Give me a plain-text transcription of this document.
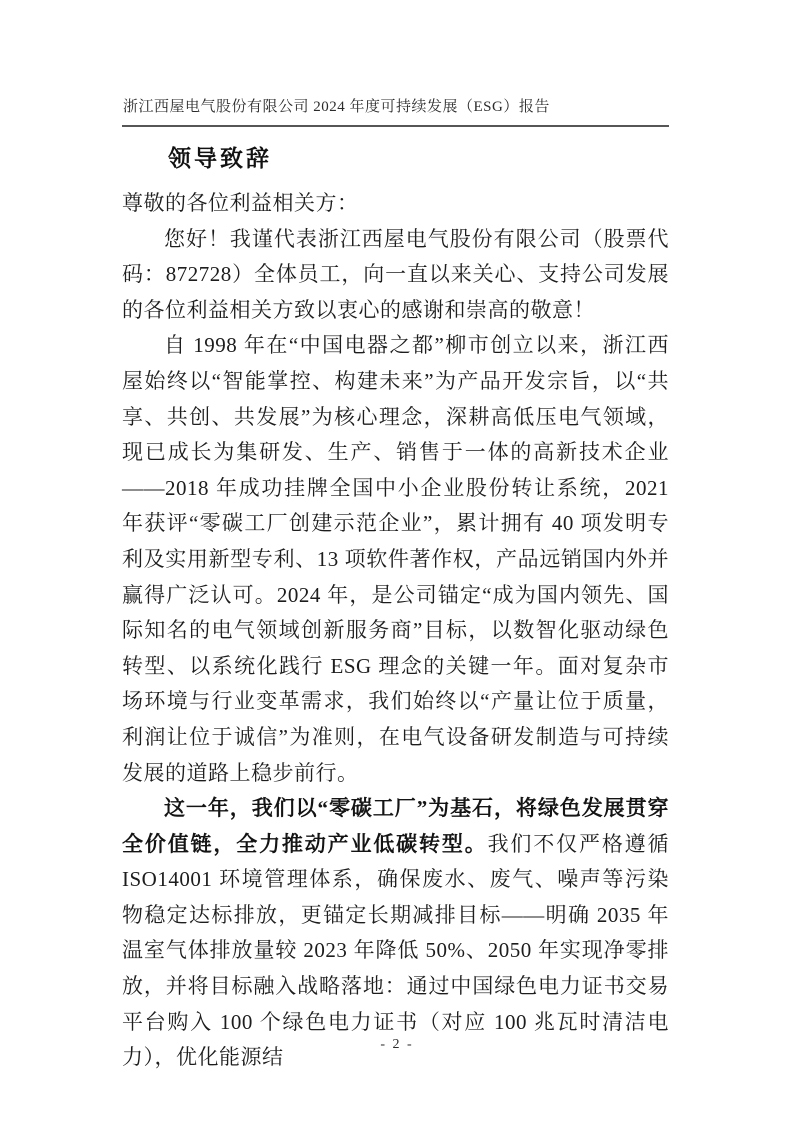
浙江西屋电气股份有限公司 2024 年度可持续发展（ESG）报告
领导致辞

尊敬的各位利益相关方：

您好！我谨代表浙江西屋电气股份有限公司（股票代码：872728）全体员工，向一直以来关心、支持公司发展的各位利益相关方致以衷心的感谢和崇高的敬意！

自 1998 年在“中国电器之都”柳市创立以来，浙江西屋始终以“智能掌控、构建未来”为产品开发宗旨，以“共享、共创、共发展”为核心理念，深耕高低压电气领域，现已成长为集研发、生产、销售于一体的高新技术企业——2018 年成功挂牌全国中小企业股份转让系统，2021 年获评“零碳工厂创建示范企业”，累计拥有 40 项发明专利及实用新型专利、13 项软件著作权，产品远销国内外并赢得广泛认可。2024 年，是公司锚定“成为国内领先、国际知名的电气领域创新服务商”目标，以数智化驱动绿色转型、以系统化践行 ESG 理念的关键一年。面对复杂市场环境与行业变革需求，我们始终以“产量让位于质量，利润让位于诚信”为准则，在电气设备研发制造与可持续发展的道路上稳步前行。

这一年，我们以“零碳工厂”为基石，将绿色发展贯穿全价值链，全力推动产业低碳转型。我们不仅严格遵循 ISO14001 环境管理体系，确保废水、废气、噪声等污染物稳定达标排放，更锚定长期减排目标——明确 2035 年温室气体排放量较 2023 年降低 50%、2050 年实现净零排放，并将目标融入战略落地：通过中国绿色电力证书交易平台购入 100 个绿色电力证书（对应 100 兆瓦时清洁电力），优化能源结

- 2 -
